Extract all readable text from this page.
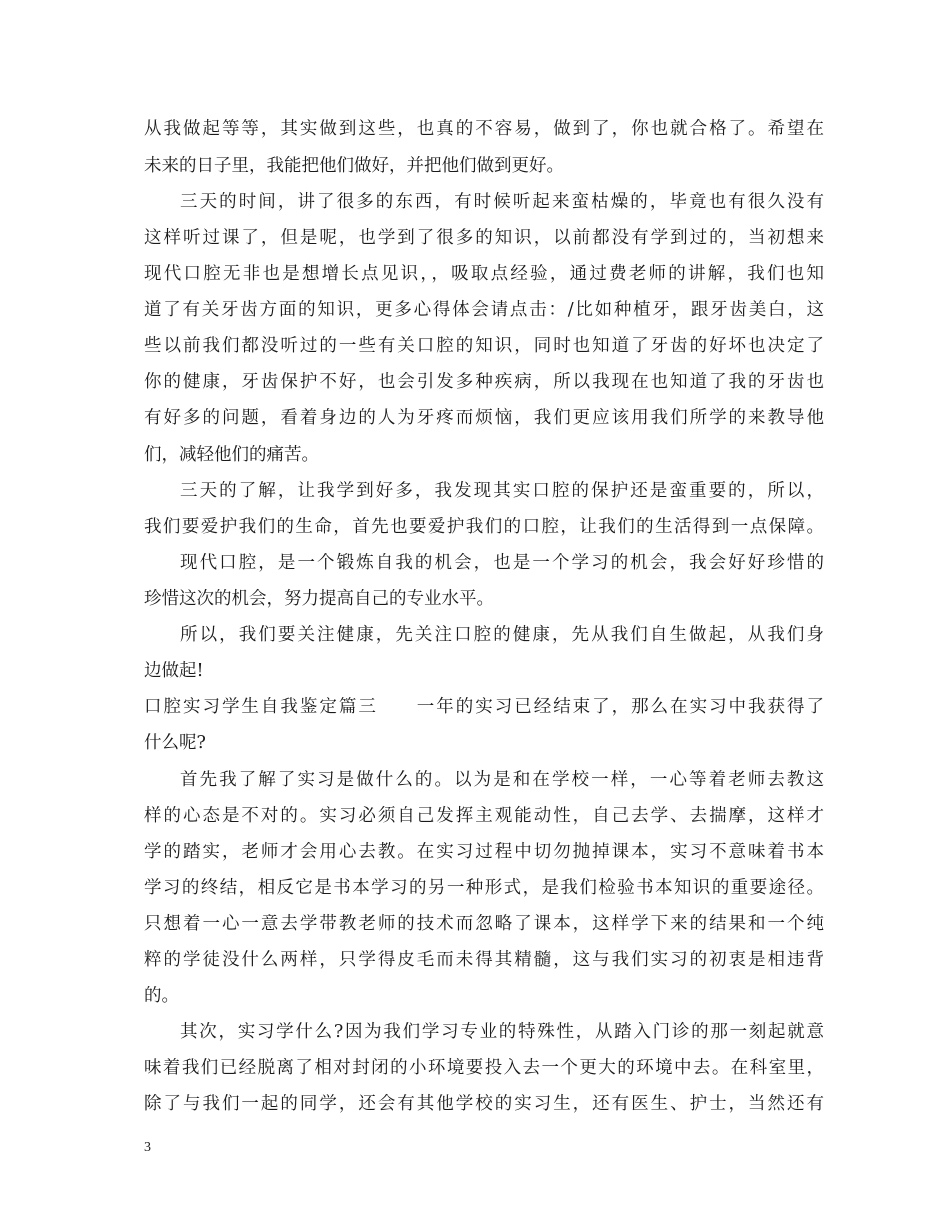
从我做起等等，其实做到这些，也真的不容易，做到了，你也就合格了。希望在
未来的日子里，我能把他们做好，并把他们做到更好。
三天的时间，讲了很多的东西，有时候听起来蛮枯燥的，毕竟也有很久没有
这样听过课了，但是呢，也学到了很多的知识，以前都没有学到过的，当初想来
现代口腔无非也是想增长点见识，，吸取点经验，通过费老师的讲解，我们也知
道了有关牙齿方面的知识，更多心得体会请点击：/比如种植牙，跟牙齿美白，这
些以前我们都没听过的一些有关口腔的知识，同时也知道了牙齿的好坏也决定了
你的健康，牙齿保护不好，也会引发多种疾病，所以我现在也知道了我的牙齿也
有好多的问题，看着身边的人为牙疼而烦恼，我们更应该用我们所学的来教导他
们，减轻他们的痛苦。
三天的了解，让我学到好多，我发现其实口腔的保护还是蛮重要的，所以，
我们要爱护我们的生命，首先也要爱护我们的口腔，让我们的生活得到一点保障。
现代口腔，是一个锻炼自我的机会，也是一个学习的机会，我会好好珍惜的
珍惜这次的机会，努力提高自己的专业水平。
所以，我们要关注健康，先关注口腔的健康，先从我们自生做起，从我们身
边做起!
口腔实习学生自我鉴定篇三　　一年的实习已经结束了，那么在实习中我获得了
什么呢?
首先我了解了实习是做什么的。以为是和在学校一样，一心等着老师去教这
样的心态是不对的。实习必须自己发挥主观能动性，自己去学、去揣摩，这样才
学的踏实，老师才会用心去教。在实习过程中切勿抛掉课本，实习不意味着书本
学习的终结，相反它是书本学习的另一种形式，是我们检验书本知识的重要途径。
只想着一心一意去学带教老师的技术而忽略了课本，这样学下来的结果和一个纯
粹的学徒没什么两样，只学得皮毛而未得其精髓，这与我们实习的初衷是相违背
的。
其次，实习学什么?因为我们学习专业的特殊性，从踏入门诊的那一刻起就意
味着我们已经脱离了相对封闭的小环境要投入去一个更大的环境中去。在科室里，
除了与我们一起的同学，还会有其他学校的实习生，还有医生、护士，当然还有
3
